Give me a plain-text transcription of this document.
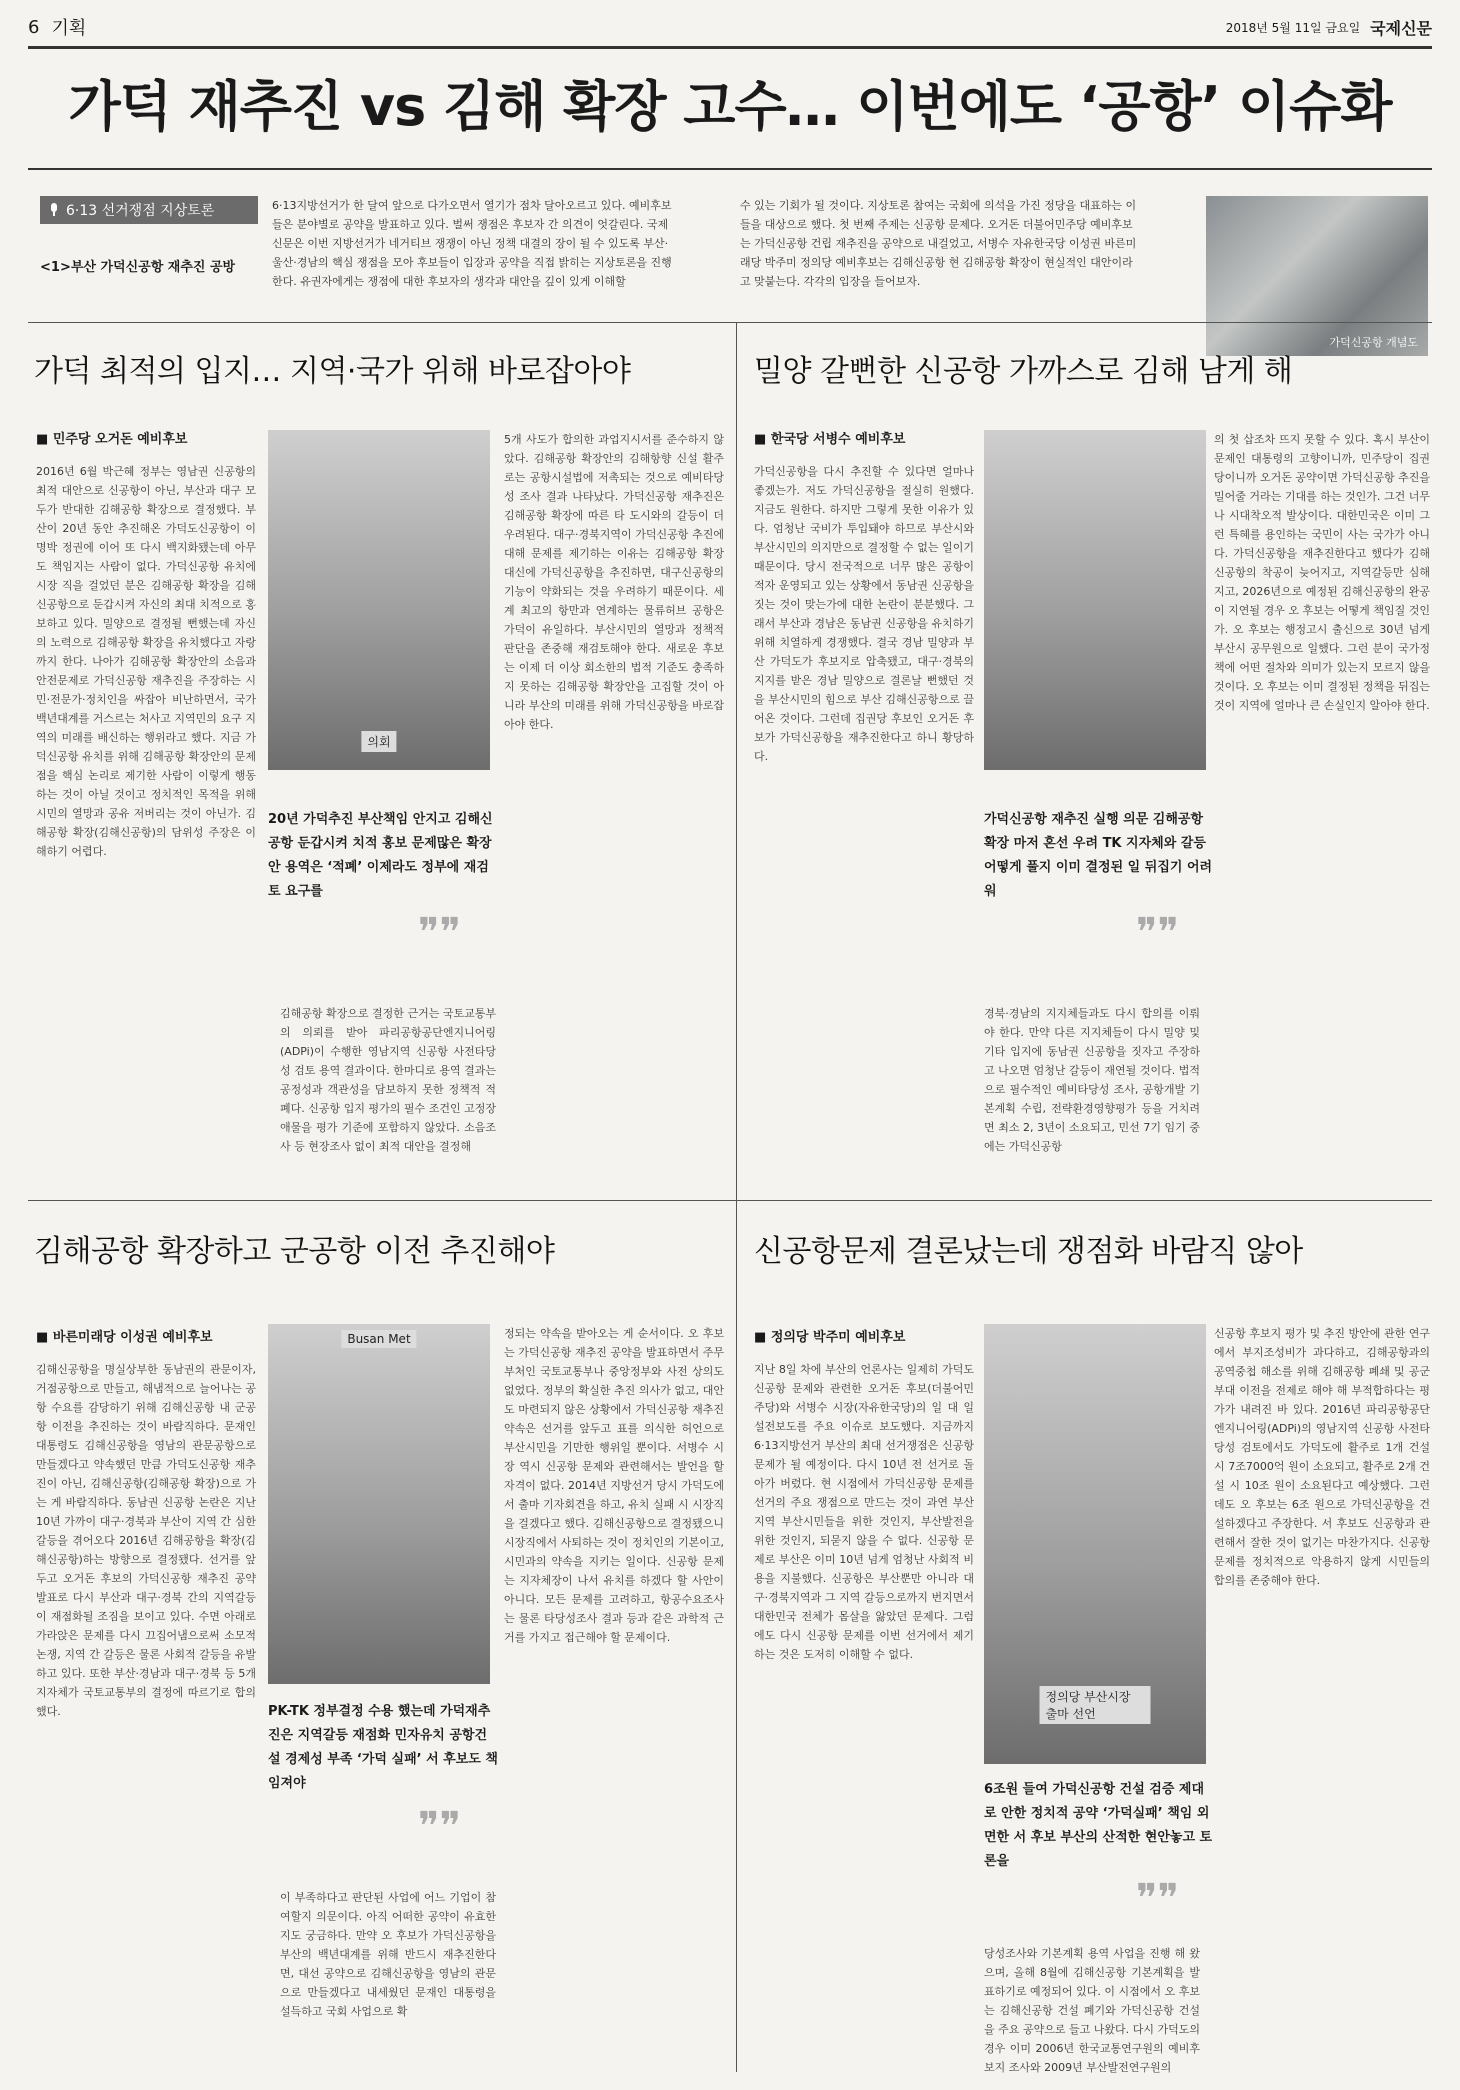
6 기획	2018년 5월 11일 금요일 국제신문
가덕 재추진 vs 김해 확장 고수… 이번에도 ‘공항’ 이슈화
6·13 선거쟁점 지상토론
<1>부산 가덕신공항 재추진 공방
6·13지방선거가 한 달여 앞으로 다가오면서 열기가 점차 달아오르고 있다. 예비후보들은 분야별로 공약을 발표하고 있다. 벌써 쟁점은 후보자 간 의견이 엇갈린다. 국제신문은 이번 지방선거가 네거티브 쟁쟁이 아닌 정책 대결의 장이 될 수 있도록 부산·울산·경남의 핵심 쟁점을 모아 후보들이 입장과 공약을 직접 밝히는 지상토론을 진행한다. 유권자에게는 쟁점에 대한 후보자의 생각과 대안을 깊이 있게 이해할
수 있는 기회가 될 것이다. 지상토론 참여는 국회에 의석을 가진 정당을 대표하는 이들을 대상으로 했다. 첫 번째 주제는 신공항 문제다. 오거돈 더불어민주당 예비후보는 가덕신공항 건립 재추진을 공약으로 내걸었고, 서병수 자유한국당 이성권 바른미래당 박주미 정의당 예비후보는 김해신공항 현 김해공항 확장이 현실적인 대안이라고 맞붙는다. 각각의 입장을 들어보자.
가덕신공항 개념도
가덕 최적의 입지… 지역·국가 위해 바로잡아야
■ 민주당 오거돈 예비후보
2016년 6월 박근혜 정부는 영남권 신공항의 최적 대안으로 신공항이 아닌, 부산과 대구 모두가 반대한 김해공항 확장으로 결정했다. 부산이 20년 동안 추진해온 가덕도신공항이 이명박 정권에 이어 또 다시 백지화됐는데 아무도 책임지는 사람이 없다. 가덕신공항 유치에 시장 직을 걸었던 분은 김해공항 확장을 김해신공항으로 둔갑시켜 자신의 최대 치적으로 홍보하고 있다. 밀양으로 결정될 뻔했는데 자신의 노력으로 김해공항 확장을 유치했다고 자랑까지 한다. 나아가 김해공항 확장안의 소음과 안전문제로 가덕신공항 재추진을 주장하는 시민·전문가·정치인을 싸잡아 비난하면서, 국가백년대계를 거스르는 처사고 지역민의 요구 지역의 미래를 배신하는 행위라고 했다. 지금 가덕신공항 유치를 위해 김해공항 확장안의 문제점을 핵심 논리로 제기한 사람이 이렇게 행동하는 것이 아닐 것이고 정치적인 목적을 위해 시민의 열망과 공유 저버리는 것이 아닌가. 김해공항 확장(김해신공항)의 담위성 주장은 이해하기 어렵다.
의회
20년 가덕추진 부산책임 안지고 김해신공항 둔갑시켜 치적 홍보 문제많은 확장안 용역은 ‘적폐’ 이제라도 정부에 재검토 요구를
❞❞
김해공항 확장으로 결정한 근거는 국토교통부의 의뢰를 받아 파리공항공단엔지니어링(ADPi)이 수행한 영남지역 신공항 사전타당성 검토 용역 결과이다. 한마디로 용역 결과는 공정성과 객관성을 담보하지 못한 정책적 적폐다. 신공항 입지 평가의 필수 조건인 고정장애물을 평가 기준에 포함하지 않았다. 소음조사 등 현장조사 없이 최적 대안을 결정해
5개 사도가 합의한 과업지시서를 준수하지 않았다. 김해공항 확장안의 김해항향 신설 활주로는 공항시설법에 저촉되는 것으로 예비타당성 조사 결과 나타났다. 가덕신공항 재추진은 김해공항 확장에 따른 타 도시와의 갈등이 더 우려된다. 대구·경북지역이 가덕신공항 추진에 대해 문제를 제기하는 이유는 김해공항 확장 대신에 가덕신공항을 추진하면, 대구신공항의 기능이 약화되는 것을 우려하기 때문이다. 세계 최고의 항만과 연계하는 물류허브 공항은 가덕이 유일하다. 부산시민의 열망과 정책적 판단을 존중해 재검토해야 한다. 새로운 후보는 이제 더 이상 회소한의 법적 기준도 충족하지 못하는 김해공항 확장안을 고집할 것이 아니라 부산의 미래를 위해 가덕신공항을 바로잡아야 한다.
밀양 갈뻔한 신공항 가까스로 김해 남게 해
■ 한국당 서병수 예비후보
가덕신공항을 다시 추진할 수 있다면 얼마나 좋겠는가. 저도 가덕신공항을 절실히 원했다. 지금도 원한다. 하지만 그렇게 못한 이유가 있다. 엄청난 국비가 투입돼야 하므로 부산시와 부산시민의 의지만으로 결정할 수 없는 일이기 때문이다. 당시 전국적으로 너무 많은 공항이 적자 운영되고 있는 상황에서 동남권 신공항을 짓는 것이 맞는가에 대한 논란이 분분했다. 그래서 부산과 경남은 동남권 신공항을 유치하기 위해 치열하게 경쟁했다. 결국 경남 밀양과 부산 가덕도가 후보지로 압축됐고, 대구·경북의 지지를 받은 경남 밀양으로 결론날 뻔했던 것을 부산시민의 힘으로 부산 김해신공항으로 끌어온 것이다. 그런데 집권당 후보인 오거돈 후보가 가덕신공항을 재추진한다고 하니 황당하다.
가덕신공항 재추진 실행 의문 김해공항 확장 마저 혼선 우려 TK 지자체와 갈등 어떻게 풀지 이미 결정된 일 뒤집기 어려워
❞❞
경북·경남의 지지체들과도 다시 합의를 이뤄야 한다. 만약 다른 지지체들이 다시 밀양 및 기타 입지에 동남권 신공항을 짓자고 주장하고 나오면 엄청난 갈등이 재연될 것이다. 법적으로 필수적인 예비타당성 조사, 공항개발 기본계획 수립, 전략환경영향평가 등을 거치려면 최소 2, 3년이 소요되고, 민선 7기 임기 중에는 가덕신공항
의 첫 삽조차 뜨지 못할 수 있다. 혹시 부산이 문제인 대통령의 고향이니까, 민주당이 집권당이니까 오거돈 공약이면 가덕신공항 추진을 밀어줄 거라는 기대를 하는 것인가. 그건 너무나 시대착오적 발상이다. 대한민국은 이미 그런 특혜를 용인하는 국민이 사는 국가가 아니다. 가덕신공항을 재추진한다고 했다가 김해신공항의 착공이 늦어지고, 지역갈등만 심해지고, 2026년으로 예정된 김해신공항의 완공이 지연될 경우 오 후보는 어떻게 책임질 것인가. 오 후보는 행정고시 출신으로 30년 넘게 부산시 공무원으로 일했다. 그런 분이 국가정책에 어떤 절차와 의미가 있는지 모르지 않을 것이다. 오 후보는 이미 결정된 정책을 뒤집는 것이 지역에 얼마나 큰 손실인지 알아야 한다.
김해공항 확장하고 군공항 이전 추진해야
■ 바른미래당 이성권 예비후보
김해신공항을 명실상부한 동남권의 관문이자, 거점공항으로 만들고, 해냄적으로 늘어나는 공항 수요를 감당하기 위해 김해신공항 내 군공항 이전을 추진하는 것이 바람직하다. 문재인 대통령도 김해신공항을 영남의 관문공항으로 만들겠다고 약속했던 만큼 가덕도신공항 재추진이 아닌, 김해신공항(김해공항 확장)으로 가는 게 바람직하다. 동남권 신공항 논란은 지난 10년 가까이 대구·경북과 부산이 지역 간 심한 갈등을 겪어오다 2016년 김해공항을 확장(김해신공항)하는 방향으로 결정됐다. 선거를 앞두고 오거돈 후보의 가덕신공항 재추진 공약 발표로 다시 부산과 대구·경북 간의 지역갈등이 재점화될 조짐을 보이고 있다. 수면 아래로 가라앉은 문제를 다시 끄집어냄으로써 소모적 논쟁, 지역 간 갈등은 물론 사회적 갈등을 유발하고 있다. 또한 부산·경남과 대구·경북 등 5개 지자체가 국토교통부의 결정에 따르기로 합의했다.
Busan Met
PK-TK 정부결정 수용 했는데 가덕재추진은 지역갈등 재점화 민자유치 공항건설 경제성 부족 ‘가덕 실패’ 서 후보도 책임져야
❞❞
이 부족하다고 판단된 사업에 어느 기업이 참여할지 의문이다. 아직 어떠한 공약이 유효한지도 궁금하다. 만약 오 후보가 가덕신공항을 부산의 백년대계를 위해 반드시 재추진한다면, 대선 공약으로 김해신공항을 영남의 관문으로 만들겠다고 내세웠던 문재인 대통령을 설득하고 국회 사업으로 확
정되는 약속을 받아오는 게 순서이다. 오 후보는 가덕신공항 재추진 공약을 발표하면서 주무부처인 국토교통부나 중앙정부와 사전 상의도 없었다. 정부의 확실한 추진 의사가 없고, 대안도 마련되지 않은 상황에서 가덕신공항 재추진 약속은 선거를 앞두고 표를 의식한 허언으로 부산시민을 기만한 행위일 뿐이다. 서병수 시장 역시 신공항 문제와 관련해서는 발언을 할 자격이 없다. 2014년 지방선거 당시 가덕도에서 출마 기자회견을 하고, 유치 실패 시 시장직을 걸겠다고 했다. 김해신공항으로 결정됐으니 시장직에서 사퇴하는 것이 정치인의 기본이고, 시민과의 약속을 지키는 일이다. 신공항 문제는 지자체장이 나서 유치를 하겠다 할 사안이 아니다. 모든 문제를 고려하고, 항공수요조사는 물론 타당성조사 결과 등과 같은 과학적 근거를 가지고 접근해야 할 문제이다.
신공항문제 결론났는데 쟁점화 바람직 않아
■ 정의당 박주미 예비후보
지난 8일 차에 부산의 언론사는 일제히 가덕도신공항 문제와 관련한 오거돈 후보(더불어민주당)와 서병수 시장(자유한국당)의 일 대 일 설전보도를 주요 이슈로 보도했다. 지금까지 6·13지방선거 부산의 최대 선거쟁점은 신공항 문제가 될 예정이다. 다시 10년 전 선거로 돌아가 버렸다. 현 시점에서 가덕신공항 문제를 선거의 주요 쟁점으로 만드는 것이 과연 부산지역 부산시민들을 위한 것인지, 부산발전을 위한 것인지, 되묻지 않을 수 없다. 신공항 문제로 부산은 이미 10년 넘게 엄청난 사회적 비용을 지불했다. 신공항은 부산뿐만 아니라 대구·경북지역과 그 지역 갈등으로까지 번지면서 대한민국 전체가 몸살을 앓았던 문제다. 그럼에도 다시 신공항 문제를 이번 선거에서 제기하는 것은 도저히 이해할 수 없다.
정의당 부산시장 출마 선언
6조원 들여 가덕신공항 건설 검증 제대로 안한 정치적 공약 ‘가덕실패’ 책임 외면한 서 후보 부산의 산적한 현안놓고 토론을
❞❞
당성조사와 기본계획 용역 사업을 진행 해 왔으며, 올해 8월에 김해신공항 기본계획을 발표하기로 예정되어 있다. 이 시점에서 오 후보는 김해신공항 건설 폐기와 가덕신공항 건설을 주요 공약으로 들고 나왔다. 다시 가덕도의 경우 이미 2006년 한국교통연구원의 예비후보지 조사와 2009년 부산발전연구원의
신공항 후보지 평가 및 추진 방안에 관한 연구에서 부지조성비가 과다하고, 김해공항과의 공역중첩 해소를 위해 김해공항 폐쇄 및 공군부대 이전을 전제로 해야 해 부적합하다는 평가가 내려진 바 있다. 2016년 파리공항공단엔지니어링(ADPi)의 영남지역 신공항 사전타당성 검토에서도 가덕도에 활주로 1개 건설 시 7조7000억 원이 소요되고, 활주로 2개 건설 시 10조 원이 소요된다고 예상했다. 그런데도 오 후보는 6조 원으로 가덕신공항을 건설하겠다고 주장한다. 서 후보도 신공항과 관련해서 잘한 것이 없기는 마찬가지다. 신공항 문제를 정치적으로 악용하지 않게 시민들의 합의를 존중해야 한다.
